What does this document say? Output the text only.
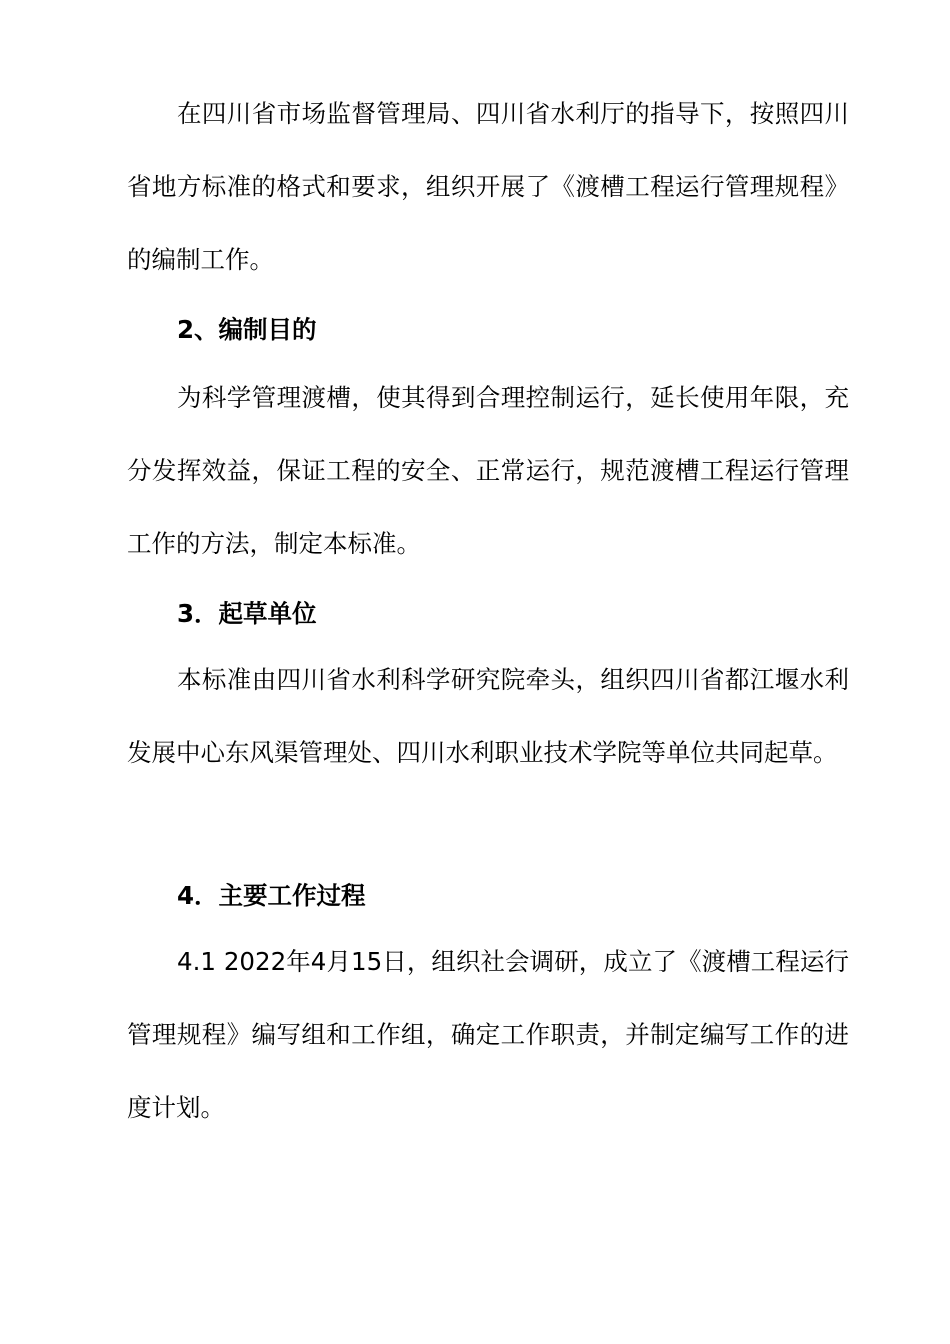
在四川省市场监督管理局、四川省水利厅的指导下，按照四川省地方标准的格式和要求，组织开展了《渡槽工程运行管理规程》的编制工作。

2、编制目的

为科学管理渡槽，使其得到合理控制运行，延长使用年限，充分发挥效益，保证工程的安全、正常运行，规范渡槽工程运行管理工作的方法，制定本标准。

3．起草单位

本标准由四川省水利科学研究院牵头，组织四川省都江堰水利发展中心东风渠管理处、四川水利职业技术学院等单位共同起草。

4．主要工作过程

4.1 2022年4月15日，组织社会调研，成立了《渡槽工程运行管理规程》编写组和工作组，确定工作职责，并制定编写工作的进度计划。
